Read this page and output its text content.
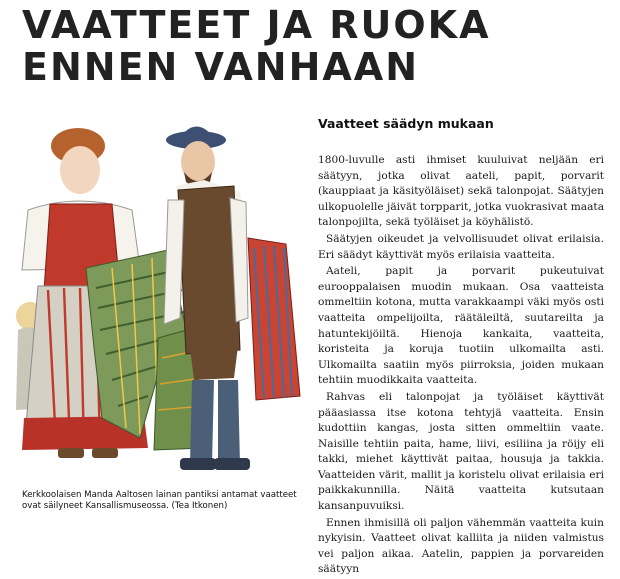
VAATTEET JA RUOKA
ENNEN VANHAAN

Kerkkoolaisen Manda Aaltosen lainan pantiksi antamat vaatteet ovat säilyneet Kansallismuseossa. (Tea Itkonen)

Vaatteet säädyn mukaan

1800-luvulle asti ihmiset kuuluivat neljään eri säätyyn, jotka olivat aateli, papit, porvarit (kauppiaat ja käsityöläiset) sekä talonpojat. Säätyjen ulkopuolelle jäivät torpparit, jotka vuokrasivat maata talonpojilta, sekä työläiset ja köyhälistö.

Säätyjen oikeudet ja velvollisuudet olivat erilaisia. Eri säädyt käyttivät myös erilaisia vaatteita.

Aateli, papit ja porvarit pukeutuivat eurooppalaisen muodin mukaan. Osa vaatteista ommeltiin kotona, mutta varakkaampi väki myös osti vaatteita ompelijoilta, räätäleiltä, suutareilta ja hatuntekijöiltä. Hienoja kankaita, vaatteita, koristeita ja koruja tuotiin ulkomailta asti. Ulkomailta saatiin myös piirroksia, joiden mukaan tehtiin muodikkaita vaatteita.

Rahvas eli talonpojat ja työläiset käyttivät pääasiassa itse kotona tehtyjä vaatteita. Ensin kudottiin kangas, josta sitten ommeltiin vaate. Naisille tehtiin paita, hame, liivi, esiliina ja röijy eli takki, miehet käyttivät paitaa, housuja ja takkia. Vaatteiden värit, mallit ja koristelu olivat erilaisia eri paikkakunnilla. Näitä vaatteita kutsutaan kansanpuvuiksi.

Ennen ihmisillä oli paljon vähemmän vaatteita kuin nykyisin. Vaatteet olivat kalliita ja niiden valmistus vei paljon aikaa. Aatelin, pappien ja porvareiden säätyyn
